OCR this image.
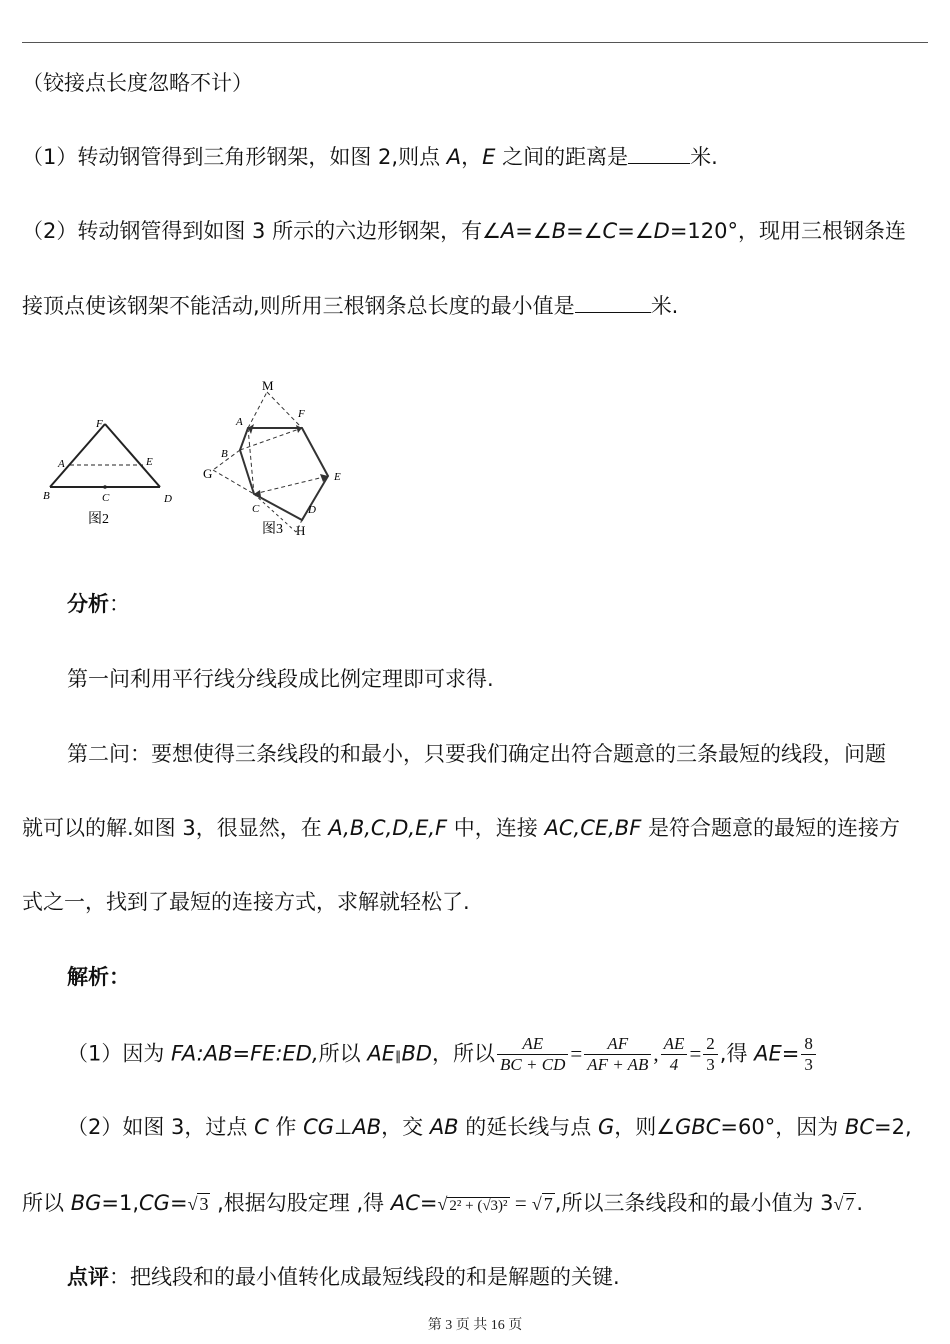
（铰接点长度忽略不计）
（1）转动钢管得到三角形钢架，如图 2,则点 A，E 之间的距离是	米.
（2）转动钢管得到如图 3 所示的六边形钢架，有∠A=∠B=∠C=∠D=120°，现用三根钢条连
接顶点使该钢架不能活动,则所用三根钢条总长度的最小值是	米.
F
A	E
B	C	D
图2
M
A
F
B
G	E
C	D
H
图3
分析：
第一问利用平行线分线段成比例定理即可求得.
第二问：要想使得三条线段的和最小，只要我们确定出符合题意的三条最短的线段，问题
就可以的解.如图 3，很显然，在 A,B,C,D,E,F 中，连接 AC,CE,BF 是符合题意的最短的连接方
式之一，找到了最短的连接方式，求解就轻松了.
解析：
（1）因为 FA:AB=FE:ED,所以 AE∥BD，所以 $\frac{AE}{BC + CD} = \frac{AF}{AF + AB}$ , $\frac{AE}{4} = \frac{2}{3}$ ,得 $AE= \frac{8}{3}$
（2）如图 3，过点 C 作 CG⊥AB，交 AB 的延长线与点 G，则∠GBC=60°，因为 BC=2,
所以 BG=1,CG=√ 3 ,根据勾股定理 ,得 AC=√ 2² + (√3)² = √ 7,所以三条线段和的最小值为 3√ 7.
点评：把线段和的最小值转化成最短线段的和是解题的关键.
第 3 页 共 16 页
